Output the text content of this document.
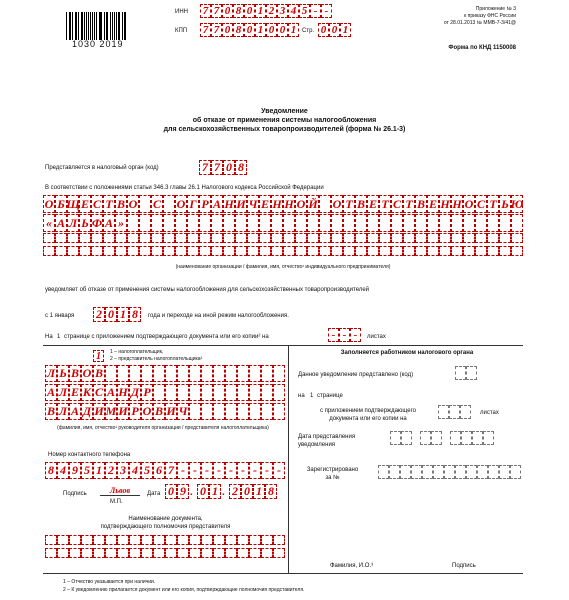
1030 2019
ИНН 7 7 0 8 0 1 2 3 4 5 - -
КПП 7 7 0 8 0 1 0 0 1 Стр. 0 0 1
Приложение № 3
к приказу ФНС России
от 28.01.2013 № ММВ-7-3/41@
Форма по КНД 1150008
Уведомление
об отказе от применения системы налогообложения
для сельскохозяйственных товаропроизводителей (форма № 26.1-3)
Представляется в налоговый орган (код)	7 7 0 8
В соответствии с положениями статьи 346.3 главы 26.1 Налогового кодекса Российской Федерации
О Б Щ Е С Т В О С О Г Р А Н И Ч Е Н Н О Й О Т В Е Т С Т В Е Н Н О С Т Ь Ю
« А Л Ь Ф А »
(наименование организации / фамилия, имя, отчество¹ индивидуального предпринимателя)
уведомляет об отказе от применения системы налогообложения для сельскохозяйственных товаропроизводителей
с 1 января 2 0 1 8	года и переходе на иной режим налогообложения.
На 1 странице с приложением подтверждающего документа или его копии² на	- - -	листах
1	1 – налогоплательщик,
2 – представитель налогоплательщика²
Л Ь В О В
А Л Е К С А Н Д Р
В Л А Д И М И Р О В И Ч
(фамилия, имя, отчество¹ руководителя организации / представителя налогоплательщика)
Номер контактного телефона
8 4 9 5 1 2 3 4 5 6 7 - - - - - - - - -
Подпись	Львов
М.П.
Дата 0 9 . 0 1 . 2 0 1 8
Наименование документа,
подтверждающего полномочия представителя
Заполняется работником налогового органа
Данное уведомление представлено (код)
на 1 странице
с приложением подтверждающего
документа или его копии на
листах
Дата представления
уведомления
Зарегистрировано
за №
Фамилия, И.О.³	Подпись
1 – Отчество указывается при наличии.
2 – К уведомлению прилагается документ или его копия, подтверждающие полномочия представителя.
